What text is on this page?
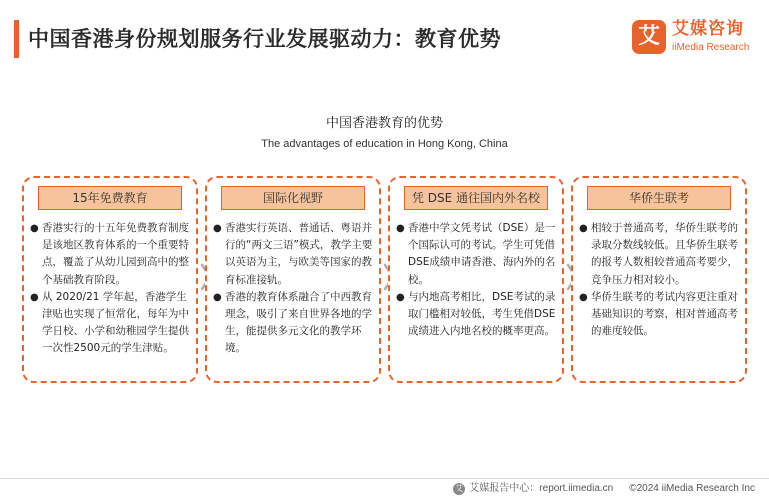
中国香港身份规划服务行业发展驱动力：教育优势	艾 艾媒咨询
iiMedia Research
中国香港教育的优势
The advantages of education in Hong Kong, China
15年免费教育
● 香港实行的十五年免费教育制度是该地区教育体系的一个重要特点，覆盖了从幼儿园到高中的整个基础教育阶段。
● 从 2020/21 学年起，香港学生津贴也实现了恒常化，每年为中学日校、小学和幼稚园学生提供一次性2500元的学生津贴。
国际化视野
● 香港实行英语、普通话、粤语并行的“两文三语”模式，教学主要以英语为主，与欧美等国家的教育标准接轨。
● 香港的教育体系融合了中西教育理念，吸引了来自世界各地的学生，能提供多元文化的教学环境。
凭 DSE 通往国内外名校
● 香港中学文凭考试（DSE）是一个国际认可的考试。学生可凭借DSE成绩申请香港、海内外的名校。
● 与内地高考相比，DSE考试的录取门槛相对较低，考生凭借DSE成绩进入内地名校的概率更高。
华侨生联考
● 相较于普通高考，华侨生联考的录取分数线较低。且华侨生联考的报考人数相较普通高考要少，竞争压力相对较小。
● 华侨生联考的考试内容更注重对基础知识的考察，相对普通高考的难度较低。
艾 艾媒报告中心：report.iimedia.cn ©2024 iiMedia Research Inc
